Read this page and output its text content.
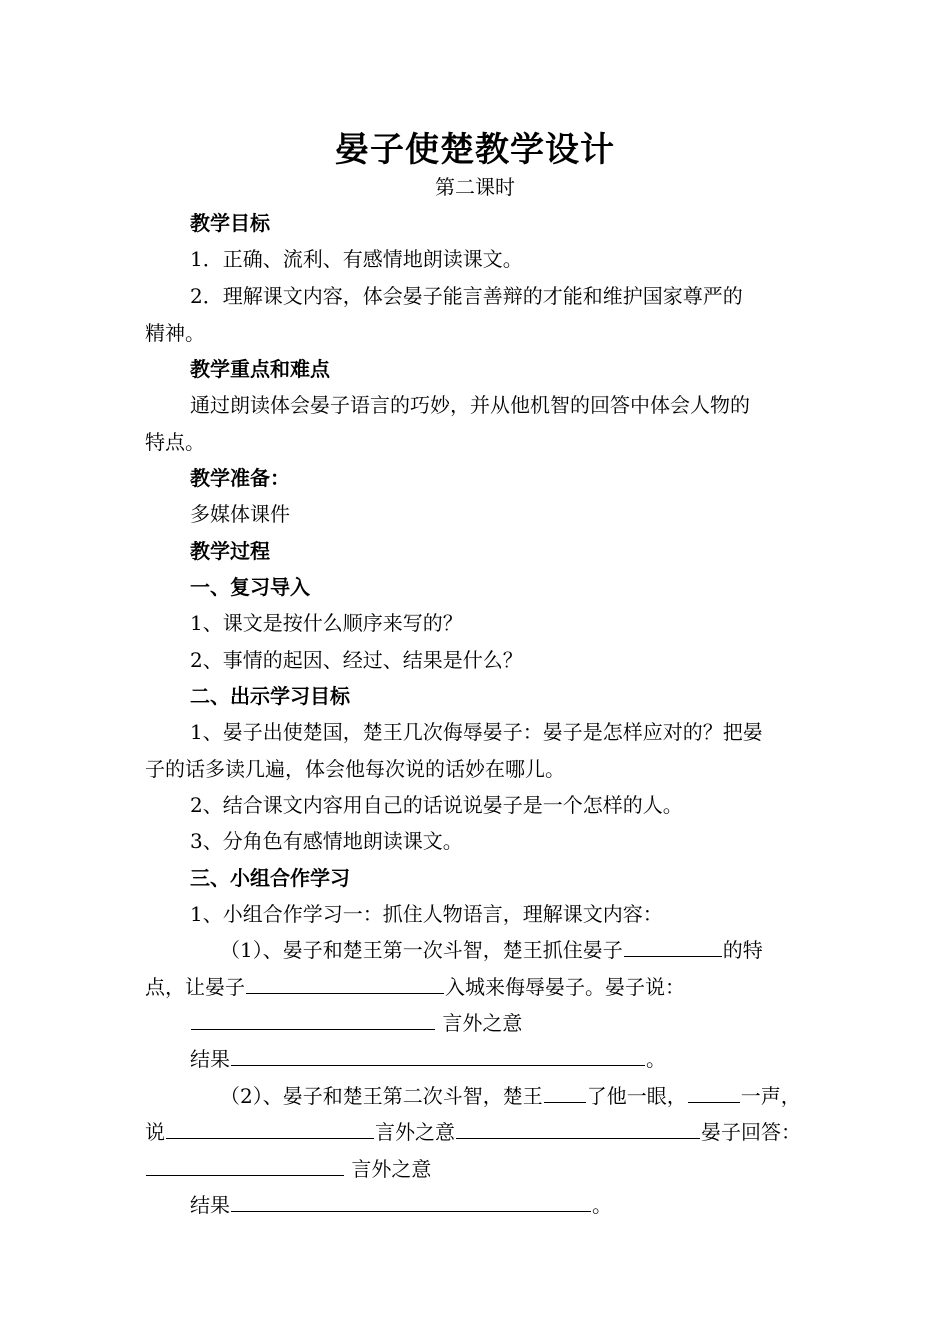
晏子使楚教学设计
第二课时
教学目标
1．正确、流利、有感情地朗读课文。
2．理解课文内容，体会晏子能言善辩的才能和维护国家尊严的
精神。
教学重点和难点
通过朗读体会晏子语言的巧妙，并从他机智的回答中体会人物的
特点。
教学准备：
多媒体课件
教学过程
一、复习导入
1、课文是按什么顺序来写的？
2、事情的起因、经过、结果是什么？
二、出示学习目标
1、晏子出使楚国，楚王几次侮辱晏子：晏子是怎样应对的？把晏
子的话多读几遍，体会他每次说的话妙在哪儿。
2、结合课文内容用自己的话说说晏子是一个怎样的人。
3、分角色有感情地朗读课文。
三、小组合作学习
1、小组合作学习一：抓住人物语言，理解课文内容：
（1）、晏子和楚王第一次斗智，楚王抓住晏子	的特
点，让晏子	入城来侮辱晏子。晏子说：
言外之意
结果	。
（2）、晏子和楚王第二次斗智，楚王 了他一眼，	一声，
说	言外之意	晏子回答：
言外之意
结果	。
